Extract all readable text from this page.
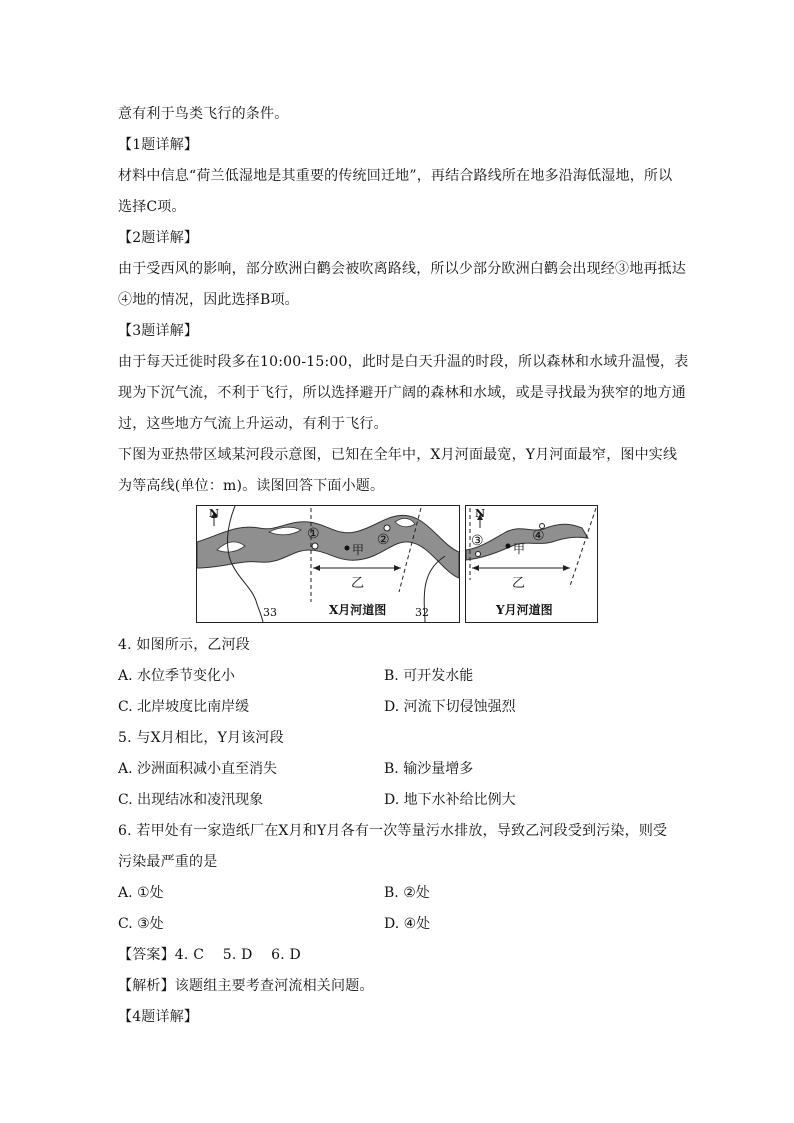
意有利于鸟类飞行的条件。
【1题详解】
材料中信息“荷兰低湿地是其重要的传统回迁地”，再结合路线所在地多沿海低湿地，所以
选择C项。
【2题详解】
由于受西风的影响，部分欧洲白鹳会被吹离路线，所以少部分欧洲白鹳会出现经③地再抵达
④地的情况，因此选择B项。
【3题详解】
由于每天迁徙时段多在10:00-15:00，此时是白天升温的时段，所以森林和水域升温慢，表
现为下沉气流，不利于飞行，所以选择避开广阔的森林和水域，或是寻找最为狭窄的地方通
过，这些地方气流上升运动，有利于飞行。
下图为亚热带区域某河段示意图，已知在全年中，X月河面最宽，Y月河面最窄，图中实线
为等高线(单位：m)。读图回答下面小题。
N
①	②
甲
乙
33	32
X月河道图
N
③	④
甲
乙
Y月河道图
4. 如图所示，乙河段
A. 水位季节变化小	B. 可开发水能
C. 北岸坡度比南岸缓	D. 河流下切侵蚀强烈
5. 与X月相比，Y月该河段
A. 沙洲面积减小直至消失	B. 输沙量增多
C. 出现结冰和凌汛现象	D. 地下水补给比例大
6. 若甲处有一家造纸厂在X月和Y月各有一次等量污水排放，导致乙河段受到污染，则受
污染最严重的是
A. ①处	B. ②处
C. ③处	D. ④处
【答案】4. C    5. D    6. D
【解析】该题组主要考查河流相关问题。
【4题详解】
